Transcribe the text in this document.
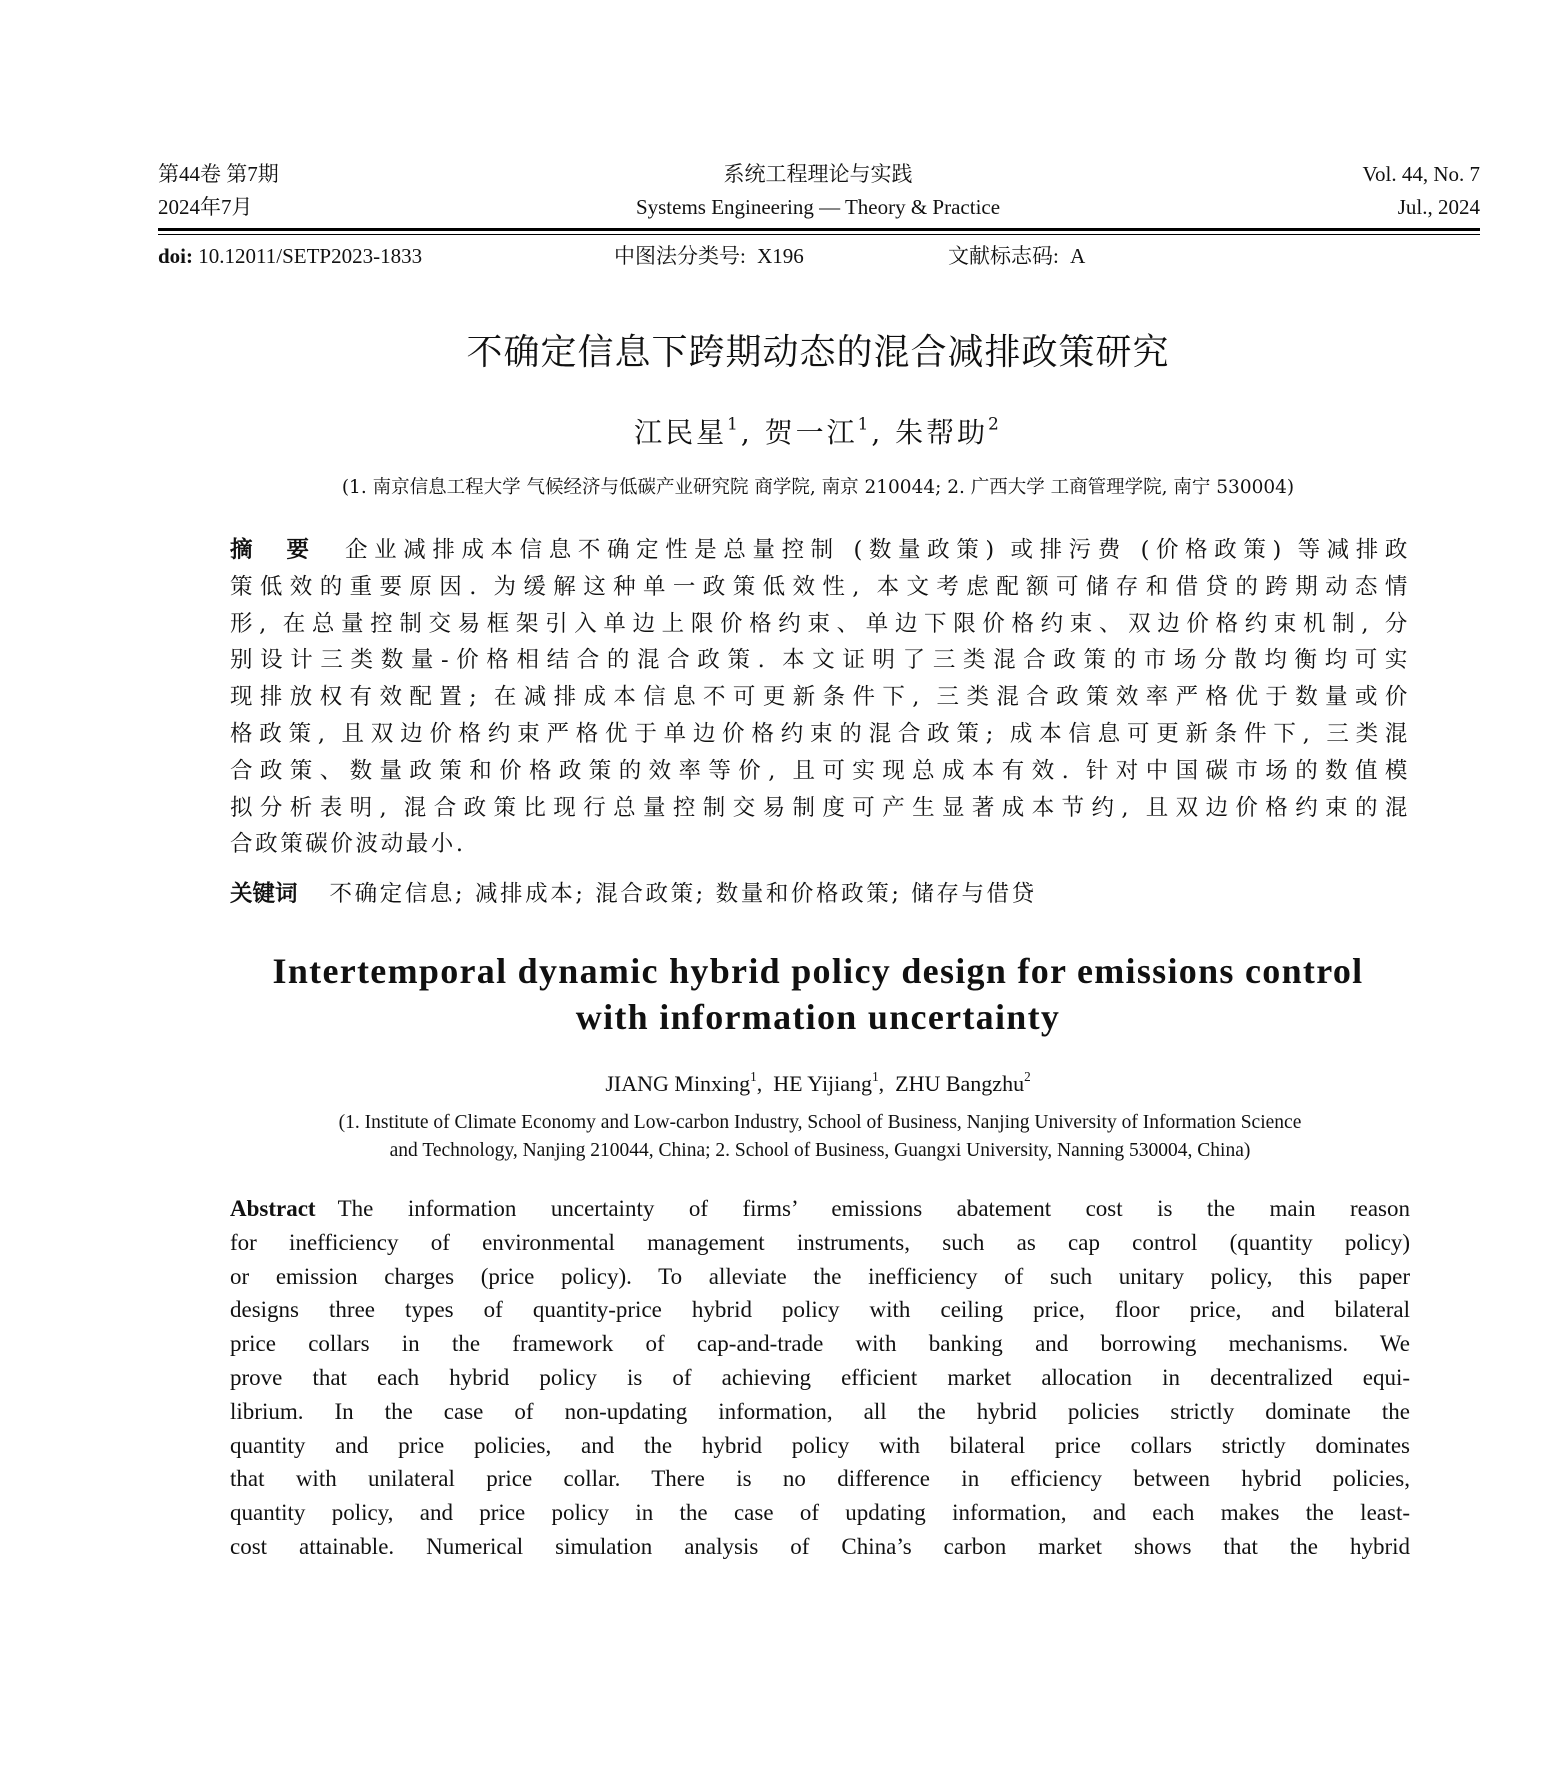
第44卷 第7期
2024年7月
系统工程理论与实践
Systems Engineering — Theory & Practice
Vol. 44, No. 7
Jul., 2024
doi: 10.12011/SETP2023-1833	中图法分类号: X196	文献标志码: A
不确定信息下跨期动态的混合减排政策研究
江民星$^1$, 贺一江$^1$, 朱帮助$^2$
(1. 南京信息工程大学 气候经济与低碳产业研究院 商学院, 南京 210044; 2. 广西大学 工商管理学院, 南宁 530004)
摘 要 企业减排成本信息不确定性是总量控制 (数量政策) 或排污费 (价格政策) 等减排政
策低效的重要原因. 为缓解这种单一政策低效性, 本文考虑配额可储存和借贷的跨期动态情
形, 在总量控制交易框架引入单边上限价格约束、单边下限价格约束、双边价格约束机制, 分
别设计三类数量-价格相结合的混合政策. 本文证明了三类混合政策的市场分散均衡均可实
现排放权有效配置; 在减排成本信息不可更新条件下, 三类混合政策效率严格优于数量或价
格政策, 且双边价格约束严格优于单边价格约束的混合政策; 成本信息可更新条件下, 三类混
合政策、数量政策和价格政策的效率等价, 且可实现总成本有效. 针对中国碳市场的数值模
拟分析表明, 混合政策比现行总量控制交易制度可产生显著成本节约, 且双边价格约束的混
合政策碳价波动最小.
关键词 不确定信息; 减排成本; 混合政策; 数量和价格政策; 储存与借贷
Intertemporal dynamic hybrid policy design for emissions control
with information uncertainty
JIANG Minxing$^1$,  HE Yijiang$^1$,  ZHU Bangzhu$^2$
(1. Institute of Climate Economy and Low-carbon Industry, School of Business, Nanjing University of Information Science
and Technology, Nanjing 210044, China; 2. School of Business, Guangxi University, Nanning 530004, China)
Abstract The information uncertainty of firms’ emissions abatement cost is the main reason
for inefficiency of environmental management instruments, such as cap control (quantity policy)
or emission charges (price policy). To alleviate the inefficiency of such unitary policy, this paper
designs three types of quantity-price hybrid policy with ceiling price, floor price, and bilateral
price collars in the framework of cap-and-trade with banking and borrowing mechanisms. We
prove that each hybrid policy is of achieving efficient market allocation in decentralized equi-
librium. In the case of non-updating information, all the hybrid policies strictly dominate the
quantity and price policies, and the hybrid policy with bilateral price collars strictly dominates
that with unilateral price collar. There is no difference in efficiency between hybrid policies,
quantity policy, and price policy in the case of updating information, and each makes the least-
cost attainable. Numerical simulation analysis of China’s carbon market shows that the hybrid
